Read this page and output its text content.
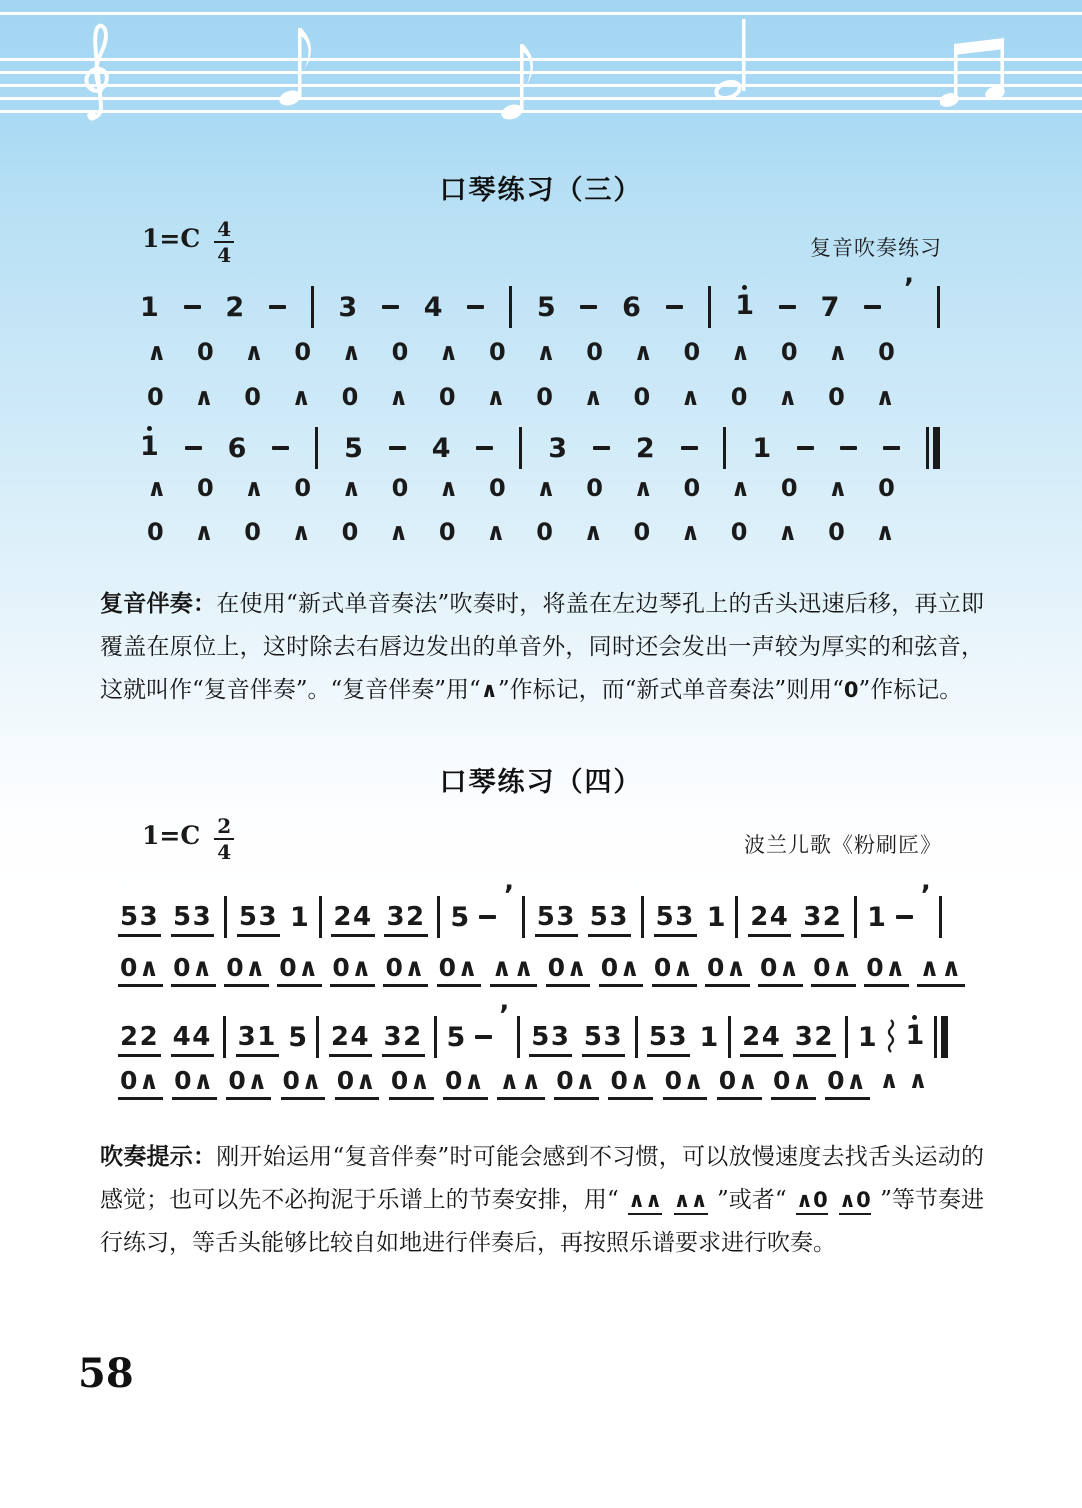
口琴练习（三）
$1=C \frac{4}{4}$	复音吹奏练习
1 2	3 4	5 6	1 7
’
∧ 0 ∧ 0 ∧ 0 ∧ 0 ∧ 0 ∧ 0 ∧ 0 ∧ 0
0 ∧ 0 ∧ 0 ∧ 0 ∧ 0 ∧ 0 ∧ 0 ∧ 0 ∧
1	6	5	4	3	2	1
∧ 0 ∧ 0 ∧ 0 ∧ 0 ∧ 0 ∧ 0 ∧ 0 ∧ 0
0 ∧ 0 ∧ 0 ∧ 0 ∧ 0 ∧ 0 ∧ 0 ∧ 0 ∧
复音伴奏：在使用“新式单音奏法”吹奏时，将盖在左边琴孔上的舌头迅速后移，再立即覆盖在原位上，这时除去右唇边发出的单音外，同时还会发出一声较为厚实的和弦音，这就叫作“复音伴奏”。“复音伴奏”用“∧”作标记，而“新式单音奏法”则用“0”作标记。
口琴练习（四）
$1=C \frac{2}{4}$	波兰儿歌《粉刷匠》
53 53 53 1 24 32 5
’
53 53 53 1 24 32 1
’
0∧ 0∧ 0∧ 0∧ 0∧ 0∧ 0∧ ∧∧ 0∧ 0∧ 0∧ 0∧ 0∧ 0∧ 0∧ ∧∧
22 44 31 5 24 32 5
’
53 53 53 1 24 32 1 1
0∧ 0∧ 0∧ 0∧ 0∧ 0∧ 0∧ ∧∧ 0∧ 0∧ 0∧ 0∧ 0∧ 0∧ ∧ ∧
吹奏提示：刚开始运用“复音伴奏”时可能会感到不习惯，可以放慢速度去找舌头运动的感觉；也可以先不必拘泥于乐谱上的节奏安排，用“ ∧∧ ∧∧ ”或者“ ∧0 ∧0 ”等节奏进行练习，等舌头能够比较自如地进行伴奏后，再按照乐谱要求进行吹奏。
58
